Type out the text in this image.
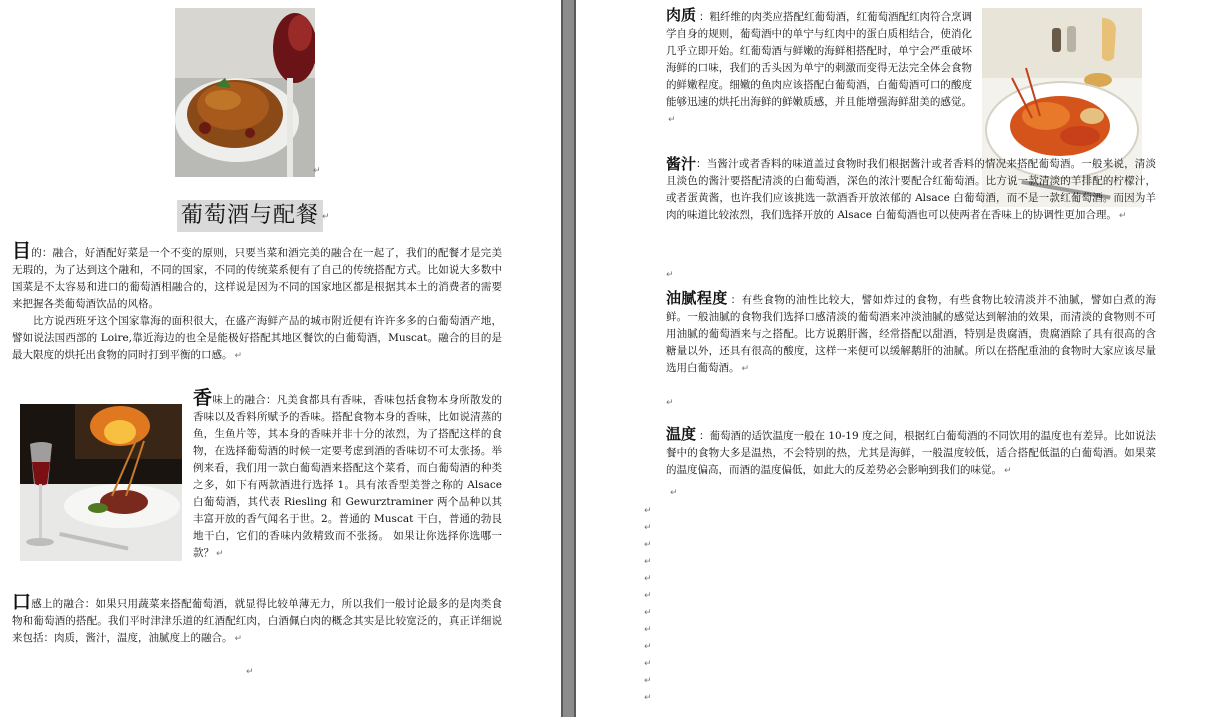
↵
葡萄酒与配餐 ↵
目的：融合，好酒配好菜是一个不变的原则，只要当菜和酒完美的融合在一起了，我们的配餐才是完美无瑕的，为了达到这个融和，不同的国家，不同的传统菜系便有了自己的传统搭配方式。比如说大多数中国菜是不太容易和进口的葡萄酒相融合的，这样说是因为不同的国家地区都是根据其本土的消费者的需要来把握各类葡萄酒饮品的风格。
比方说西班牙这个国家靠海的面积很大，在盛产海鲜产品的城市附近便有许许多多的白葡萄酒产地，譬如说法国西部的 Loire,靠近海边的也全是能极好搭配其地区餐饮的白葡萄酒，Muscat。融合的目的是最大限度的烘托出食物的同时打到平衡的口感。 ↵
香味上的融合：凡美食都具有香味，香味包括食物本身所散发的香味以及香料所赋予的香味。搭配食物本身的香味，比如说清蒸的鱼，生鱼片等，其本身的香味并非十分的浓烈，为了搭配这样的食物，在选择葡萄酒的时候一定要考虑到酒的香味切不可太张扬。举例来看，我们用一款白葡萄酒来搭配这个菜肴，而白葡萄酒的种类之多，如下有两款酒进行选择 1。具有浓香型美誉之称的 Alsace 白葡萄酒，其代表 Riesling 和 Gewurztraminer 两个品种以其丰富开放的香气闻名于世。2。普通的 Muscat 干白，普通的勃艮地干白，它们的香味内敛精致而不张扬。 如果让你选择你选哪一款？ ↵
口感上的融合：如果只用蔬菜来搭配葡萄酒，就显得比较单薄无力，所以我们一般讨论最多的是肉类食物和葡萄酒的搭配。我们平时津津乐道的红酒配红肉，白酒佩白肉的概念其实是比较宽泛的，真正详细说来包括：肉质，酱汁，温度，油腻度上的融合。 ↵
↵
肉质 ：粗纤维的肉类应搭配红葡萄酒，红葡萄酒配红肉符合烹调学自身的规则，葡萄酒中的单宁与红肉中的蛋白质相结合，使消化几乎立即开始。红葡萄酒与鲜嫩的海鲜相搭配时，单宁会严重破坏海鲜的口味，我们的舌头因为单宁的刺激而变得无法完全体会食物的鲜嫩程度。细嫩的鱼肉应该搭配白葡萄酒，白葡萄酒可口的酸度能够迅速的烘托出海鲜的鲜嫩质感，并且能增强海鲜甜美的感觉。↵
酱汁 ：当酱汁或者香料的味道盖过食物时我们根据酱汁或者香料的情况来搭配葡萄酒。一般来说，清淡且淡色的酱汁要搭配清淡的白葡萄酒，深色的浓汁要配合红葡萄酒。比方说一款清淡的羊排配的柠檬汁，或者蛋黄酱，也许我们应该挑选一款酒香开放浓郁的 Alsace 白葡萄酒，而不是一款红葡萄酒。而因为羊肉的味道比较浓烈，我们选择开放的 Alsace 白葡萄酒也可以使两者在香味上的协调性更加合理。 ↵
↵
油腻程度 ：有些食物的油性比较大，譬如炸过的食物，有些食物比较清淡并不油腻，譬如白煮的海鲜。一般油腻的食物我们选择口感清淡的葡萄酒来冲淡油腻的感觉达到解油的效果，而清淡的食物则不可用油腻的葡萄酒来与之搭配。比方说鹅肝酱，经常搭配以甜酒，特别是贵腐酒，贵腐酒除了具有很高的含糖量以外，还具有很高的酸度，这样一来便可以缓解鹅肝的油腻。所以在搭配重油的食物时大家应该尽量选用白葡萄酒。 ↵
↵
温度 ：葡萄酒的适饮温度一般在 10-19 度之间，根据红白葡萄酒的不同饮用的温度也有差异。比如说法餐中的食物大多是温热，不会特别的热，尤其是海鲜，一般温度较低，适合搭配低温的白葡萄酒。如果菜的温度偏高，而酒的温度偏低，如此大的反差势必会影响到我们的味觉。 ↵
↵
↵
↵
↵
↵
↵
↵
↵
↵
↵
↵
↵
↵
